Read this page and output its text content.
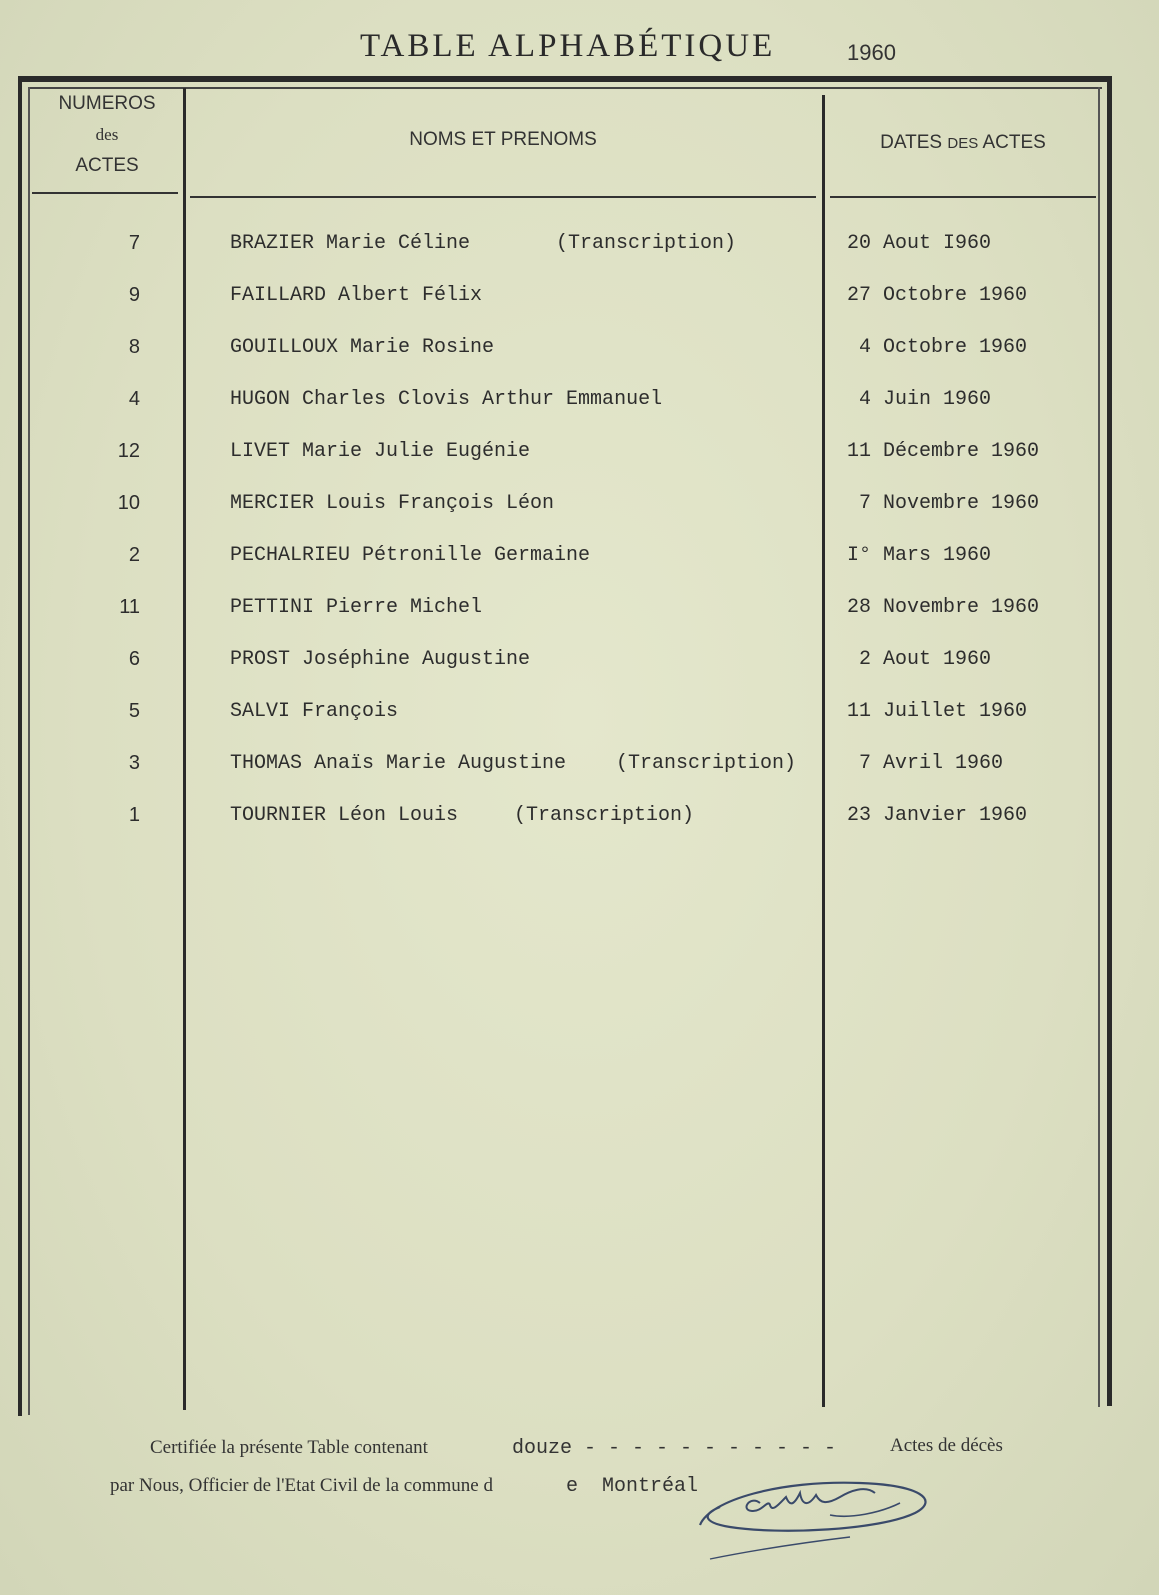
TABLE ALPHABÉTIQUE	1960
NUMEROS
des
ACTES
NOMS ET PRENOMS	DATES DES ACTES
7	BRAZIER Marie Céline	(Transcription)	20 Aout I960
9	FAILLARD Albert Félix	27 Octobre 1960
8	GOUILLOUX Marie Rosine	4 Octobre 1960
4	HUGON Charles Clovis Arthur Emmanuel	4 Juin 1960
12	LIVET Marie Julie Eugénie	11 Décembre 1960
10	MERCIER Louis François Léon	7 Novembre 1960
2	PECHALRIEU Pétronille Germaine	I° Mars 1960
11	PETTINI Pierre Michel	28 Novembre 1960
6	PROST Joséphine Augustine	2 Aout 1960
5	SALVI François	11 Juillet 1960
3	THOMAS Anaïs Marie Augustine (Transcription)	7 Avril 1960
1	TOURNIER Léon Louis	(Transcription)	23 Janvier 1960
Certifiée la présente Table contenant	douze - - - - - - - - - - -	Actes de décès
par Nous, Officier de l'Etat Civil de la commune d	e  Montréal
